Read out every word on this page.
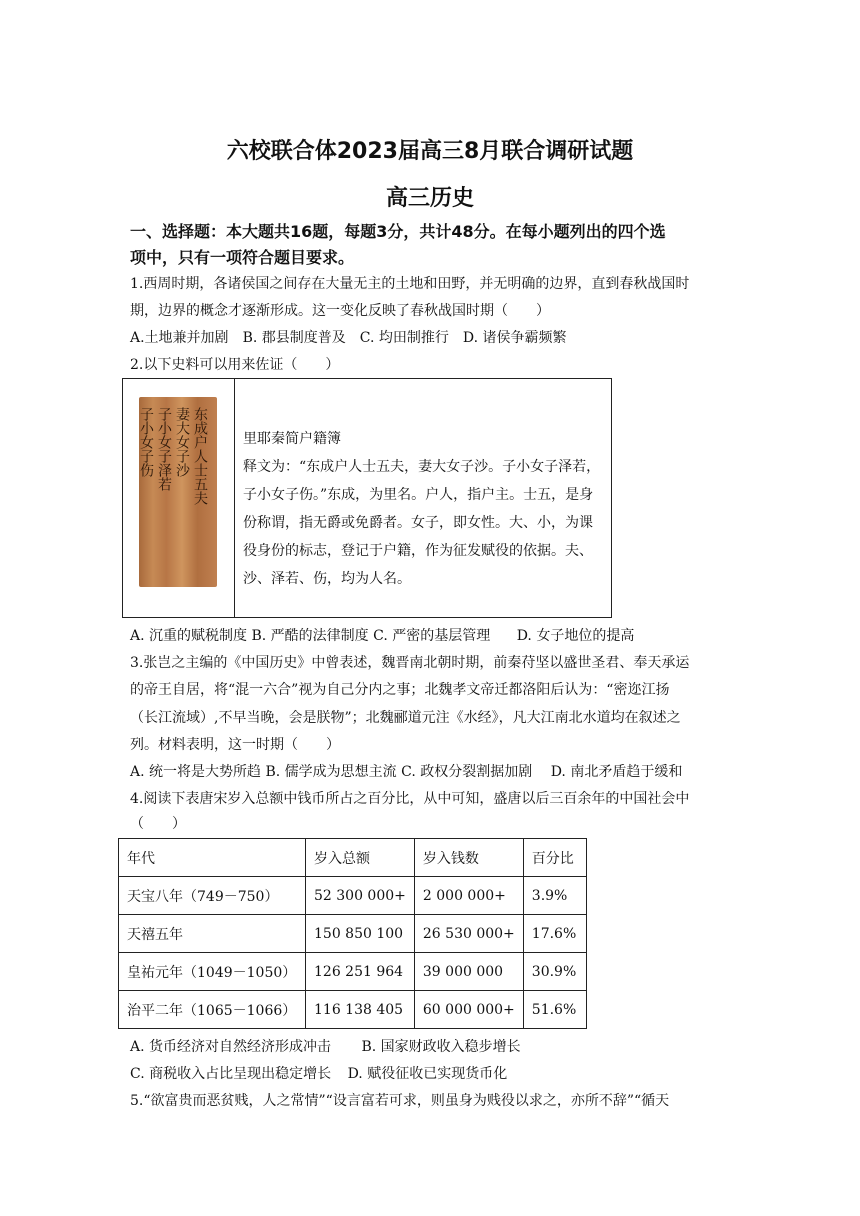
六校联合体2023届高三8月联合调研试题
高三历史
一、选择题：本大题共16题，每题3分，共计48分。在每小题列出的四个选
项中，只有一项符合题目要求。
1.西周时期，各诸侯国之间存在大量无主的土地和田野，并无明确的边界，直到春秋战国时
期，边界的概念才逐渐形成。这一变化反映了春秋战国时期（　　）
A.土地兼并加剧 B. 郡县制度普及 C. 均田制推行 D. 诸侯争霸频繁
2.以下史料可以用来佐证（　　）
东成户人士五夫
妻大女子沙
子小女子泽若
子小女子伤	里耶秦简户籍簿
释文为：“东成户人士五夫，妻大女子沙。子小女子泽若，子小女子伤。”东成，为里名。户人，指户主。士五，是身份称谓，指无爵或免爵者。女子，即女性。大、小，为课役身份的标志，登记于户籍，作为征发赋役的依据。夫、沙、泽若、伤，均为人名。
A. 沉重的赋税制度 B. 严酷的法律制度 C. 严密的基层管理 D. 女子地位的提高
3.张岂之主编的《中国历史》中曾表述，魏晋南北朝时期，前秦苻坚以盛世圣君、奉天承运
的帝王自居，将“混一六合”视为自己分内之事；北魏孝文帝迁都洛阳后认为：“密迩江扬
（长江流域）,不早当晚，会是朕物”；北魏郦道元注《水经》，凡大江南北水道均在叙述之
列。材料表明，这一时期（　　）
A. 统一将是大势所趋 B. 儒学成为思想主流 C. 政权分裂割据加剧 D. 南北矛盾趋于缓和
4.阅读下表唐宋岁入总额中钱币所占之百分比，从中可知，盛唐以后三百余年的中国社会中
（　　）
年代	岁入总额	岁入钱数	百分比
天宝八年（749－750）	52 300 000+	2 000 000+	3.9%
天禧五年	150 850 100	26 530 000+	17.6%
皇祐元年（1049－1050）	126 251 964	39 000 000	30.9%
治平二年（1065－1066）	116 138 405	60 000 000+	51.6%
A. 货币经济对自然经济形成冲击 B. 国家财政收入稳步增长
C. 商税收入占比呈现出稳定增长 D. 赋役征收已实现货币化
5.“欲富贵而恶贫贱，人之常情”“设言富若可求，则虽身为贱役以求之，亦所不辞”“循天
